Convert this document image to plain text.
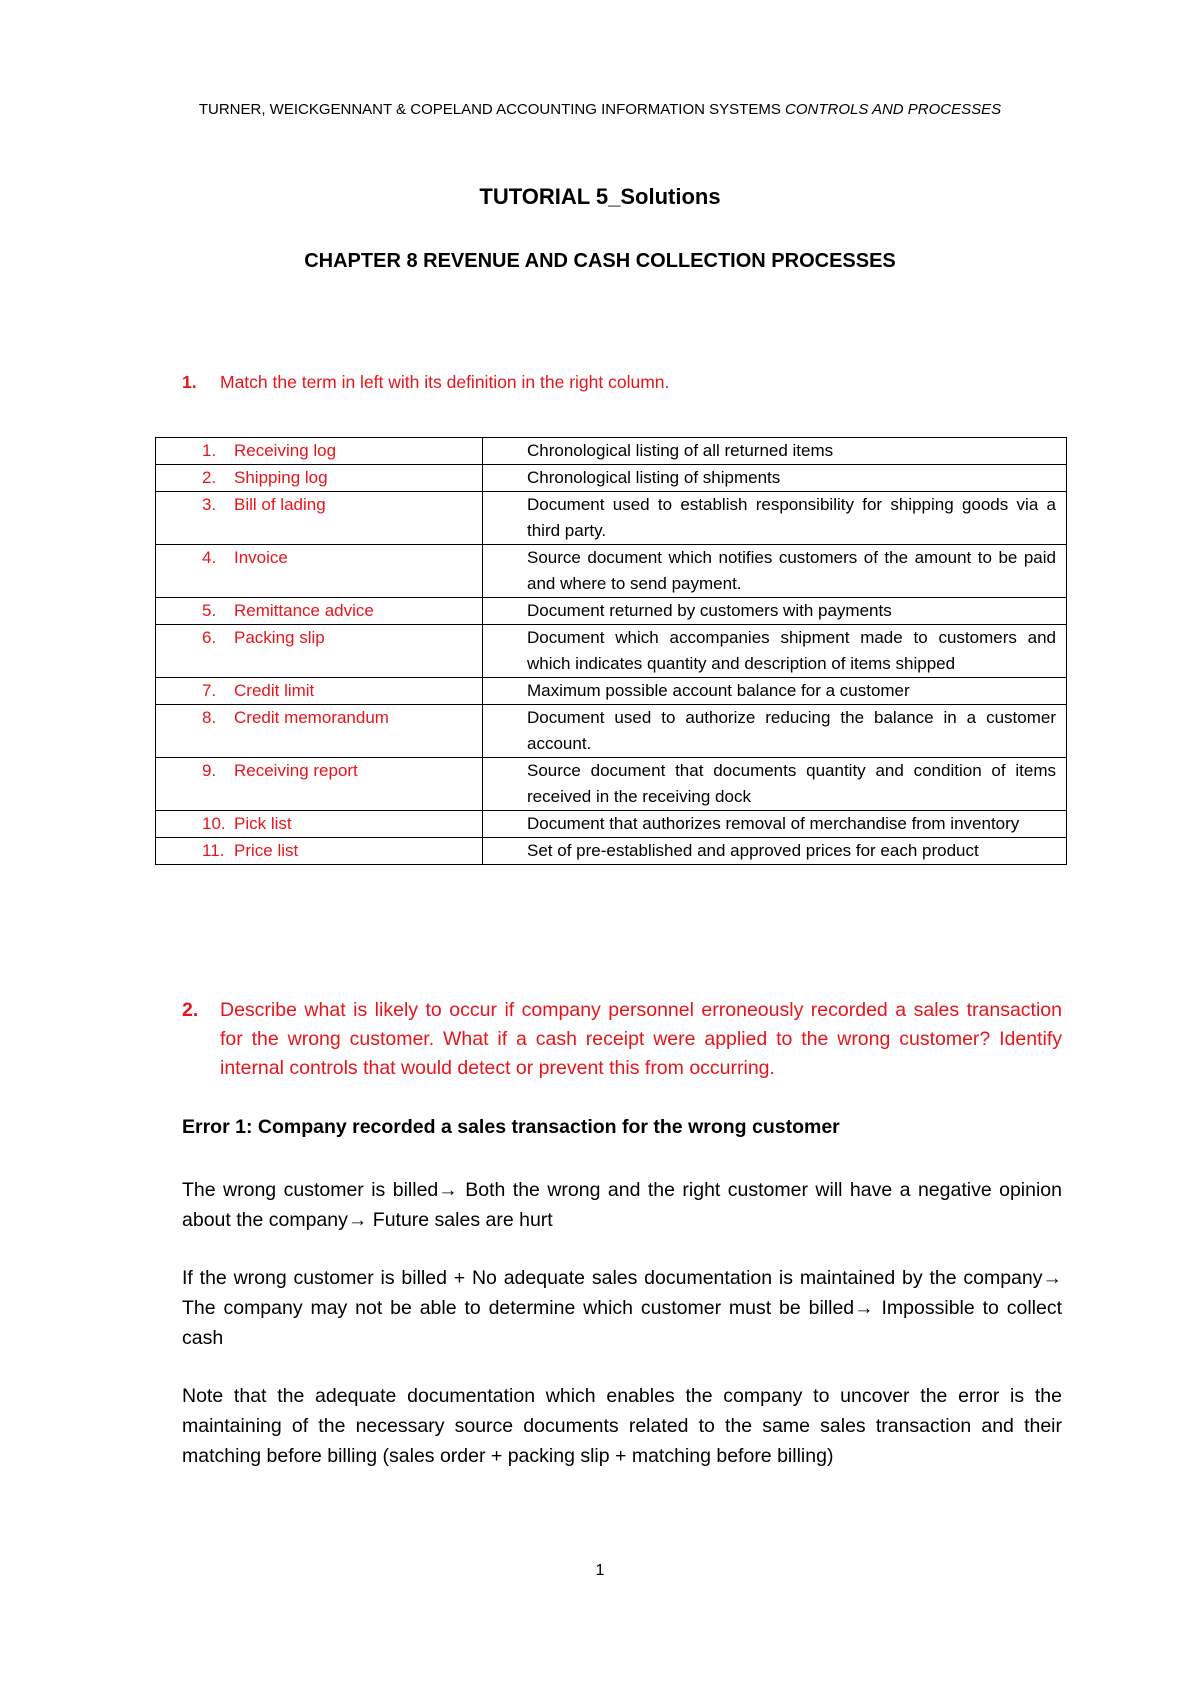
TURNER, WEICKGENNANT & COPELAND ACCOUNTING INFORMATION SYSTEMS CONTROLS AND PROCESSES
TUTORIAL 5_Solutions
CHAPTER 8 REVENUE AND CASH COLLECTION PROCESSES
1. Match the term in left with its definition in the right column.
1. Receiving log	Chronological listing of all returned items
2. Shipping log	Chronological listing of shipments
3. Bill of lading	Document used to establish responsibility for shipping goods via a third party.
4. Invoice	Source document which notifies customers of the amount to be paid and where to send payment.
5. Remittance advice	Document returned by customers with payments
6. Packing slip	Document which accompanies shipment made to customers and which indicates quantity and description of items shipped
7. Credit limit	Maximum possible account balance for a customer
8. Credit memorandum	Document used to authorize reducing the balance in a customer account.
9. Receiving report	Source document that documents quantity and condition of items received in the receiving dock
10. Pick list	Document that authorizes removal of merchandise from inventory
11. Price list	Set of pre-established and approved prices for each product
2. Describe what is likely to occur if company personnel erroneously recorded a sales transaction for the wrong customer. What if a cash receipt were applied to the wrong customer? Identify internal controls that would detect or prevent this from occurring.
Error 1: Company recorded a sales transaction for the wrong customer
The wrong customer is billed→ Both the wrong and the right customer will have a negative opinion about the company→ Future sales are hurt
If the wrong customer is billed + No adequate sales documentation is maintained by the company→ The company may not be able to determine which customer must be billed→ Impossible to collect cash
Note that the adequate documentation which enables the company to uncover the error is the maintaining of the necessary source documents related to the same sales transaction and their matching before billing (sales order + packing slip + matching before billing)
1
